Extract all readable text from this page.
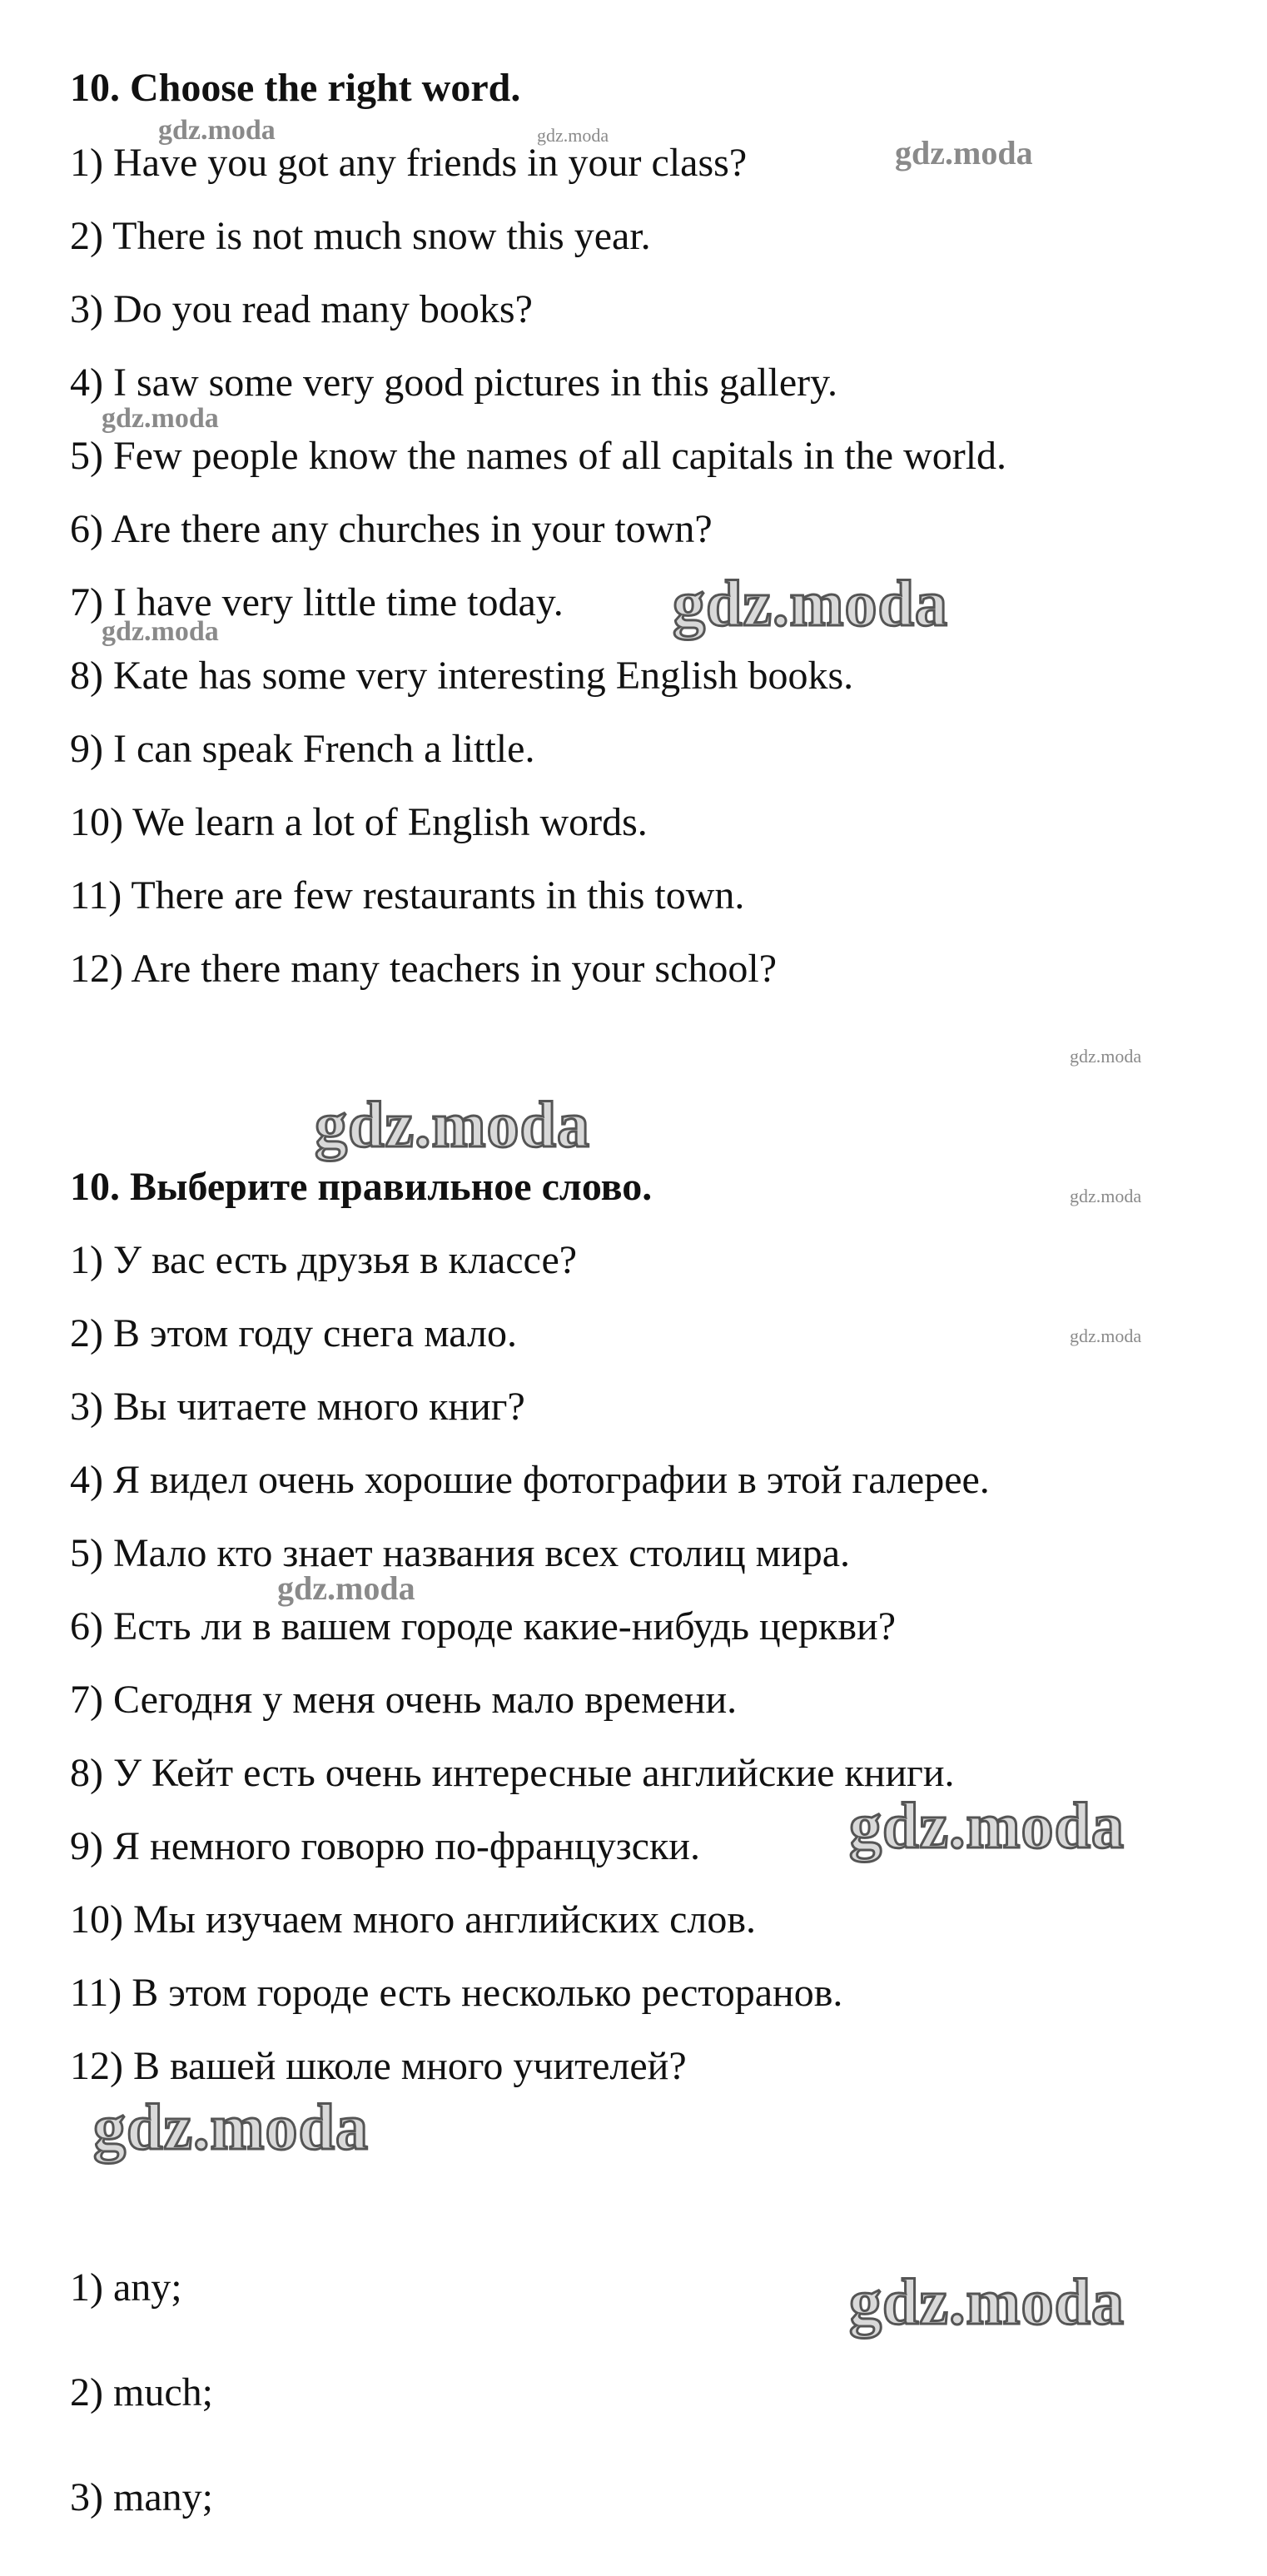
10. Choose the right word.
1) Have you got any friends in your class?
2) There is not much snow this year.
3) Do you read many books?
4) I saw some very good pictures in this gallery.
5) Few people know the names of all capitals in the world.
6) Are there any churches in your town?
7) I have very little time today.
8) Kate has some very interesting English books.
9) I can speak French a little.
10) We learn a lot of English words.
11) There are few restaurants in this town.
12) Are there many teachers in your school?
10. Выберите правильное слово.
1) У вас есть друзья в классе?
2) В этом году снега мало.
3) Вы читаете много книг?
4) Я видел очень хорошие фотографии в этой галерее.
5) Мало кто знает названия всех столиц мира.
6) Есть ли в вашем городе какие-нибудь церкви?
7) Сегодня у меня очень мало времени.
8) У Кейт есть очень интересные английские книги.
9) Я немного говорю по-французски.
10) Мы изучаем много английских слов.
11) В этом городе есть несколько ресторанов.
12) В вашей школе много учителей?
1) any;
2) much;
3) many;
gdz.moda	gdz.moda	gdz.moda
gdz.moda
gdz.moda
gdz.moda
gdz.moda
gdz.moda
gdz.moda
gdz.moda
gdz.moda
gdz.moda
gdz.moda
gdz.moda
